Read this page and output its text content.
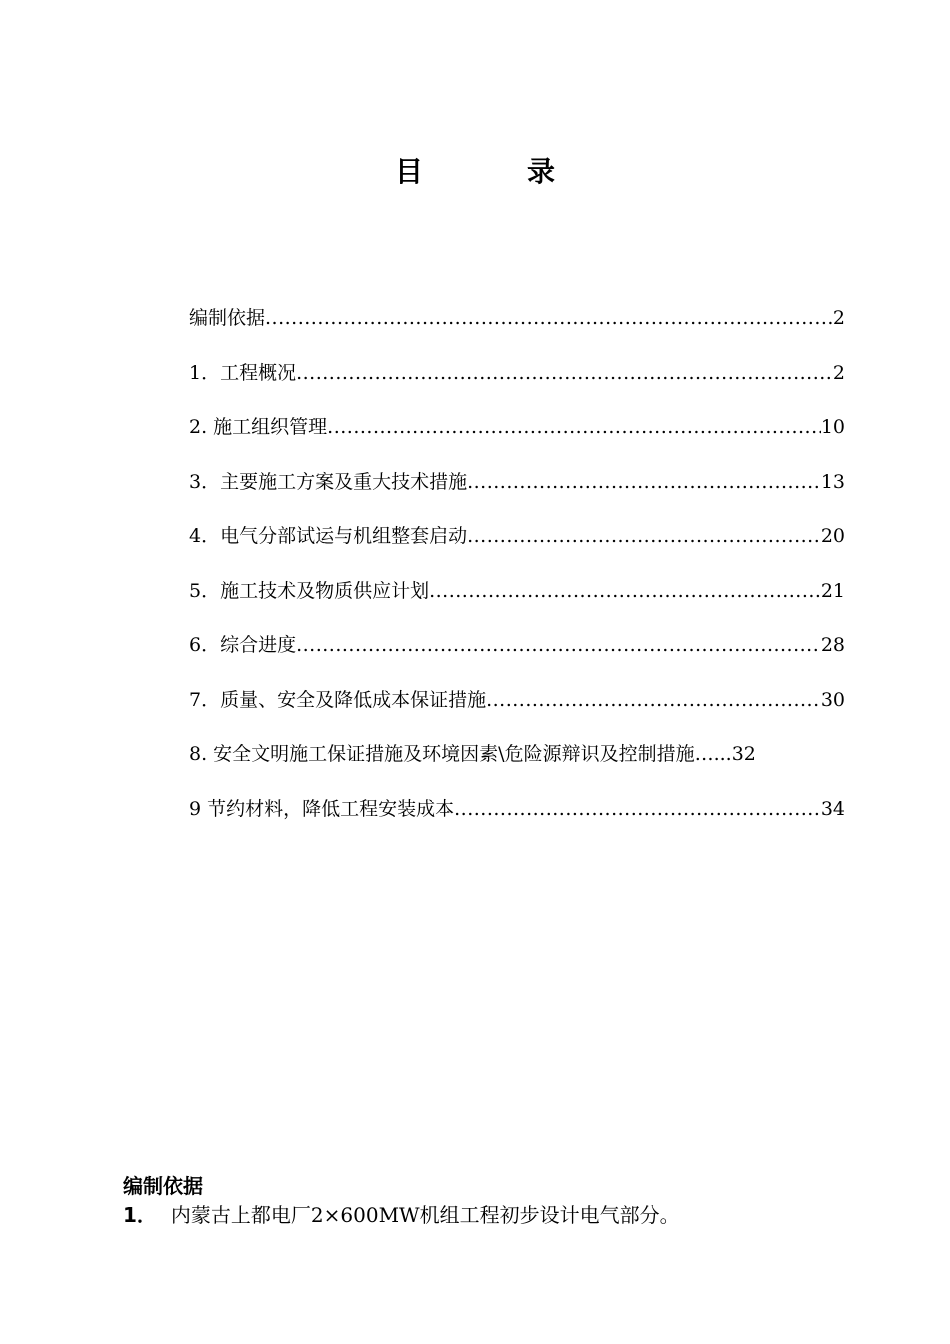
目	录
编制依据 .....	2
1．工程概况 .....	2
2. 施工组织管理 .....	10
3．主要施工方案及重大技术措施 .....	13
4．电气分部试运与机组整套启动 .....	20
5．施工技术及物质供应计划 .....	21
6．综合进度 .....	28
7．质量、安全及降低成本保证措施 .....	30
8. 安全文明施工保证措施及环境因素\危险源辩识及控制措施… ...32
9 节约材料，降低工程安装成本 .....	34
编制依据
1． 内蒙古上都电厂2×600MW机组工程初步设计电气部分。
